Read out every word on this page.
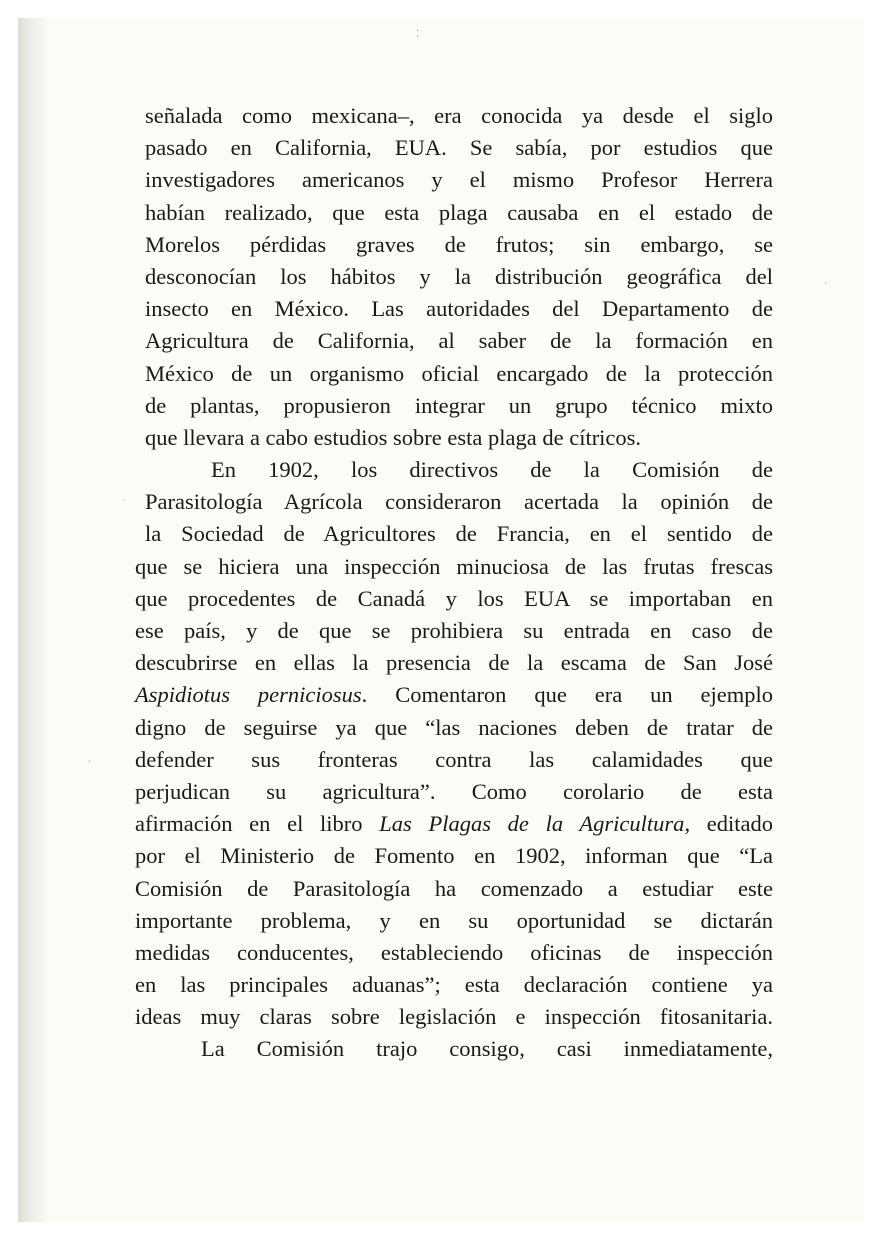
⁚
´
·
·
señalada como mexicana–, era conocida ya desde el siglo
pasado en California, EUA. Se sabía, por estudios que
investigadores americanos y el mismo Profesor Herrera
habían realizado, que esta plaga causaba en el estado de
Morelos pérdidas graves de frutos; sin embargo, se
desconocían los hábitos y la distribución geográfica del
insecto en México. Las autoridades del Departamento de
Agricultura de California, al saber de la formación en
México de un organismo oficial encargado de la protección
de plantas, propusieron integrar un grupo técnico mixto
que llevara a cabo estudios sobre esta plaga de cítricos.
En 1902, los directivos de la Comisión de
Parasitología Agrícola consideraron acertada la opinión de
la Sociedad de Agricultores de Francia, en el sentido de
que se hiciera una inspección minuciosa de las frutas frescas
que procedentes de Canadá y los EUA se importaban en
ese país, y de que se prohibiera su entrada en caso de
descubrirse en ellas la presencia de la escama de San José
Aspidiotus perniciosus. Comentaron que era un ejemplo
digno de seguirse ya que “las naciones deben de tratar de
defender sus fronteras contra las calamidades que
perjudican su agricultura”. Como corolario de esta
afirmación en el libro Las Plagas de la Agricultura, editado
por el Ministerio de Fomento en 1902, informan que “La
Comisión de Parasitología ha comenzado a estudiar este
importante problema, y en su oportunidad se dictarán
medidas conducentes, estableciendo oficinas de inspección
en las principales aduanas”; esta declaración contiene ya
ideas muy claras sobre legislación e inspección fitosanitaria.
La Comisión trajo consigo, casi inmediatamente,
